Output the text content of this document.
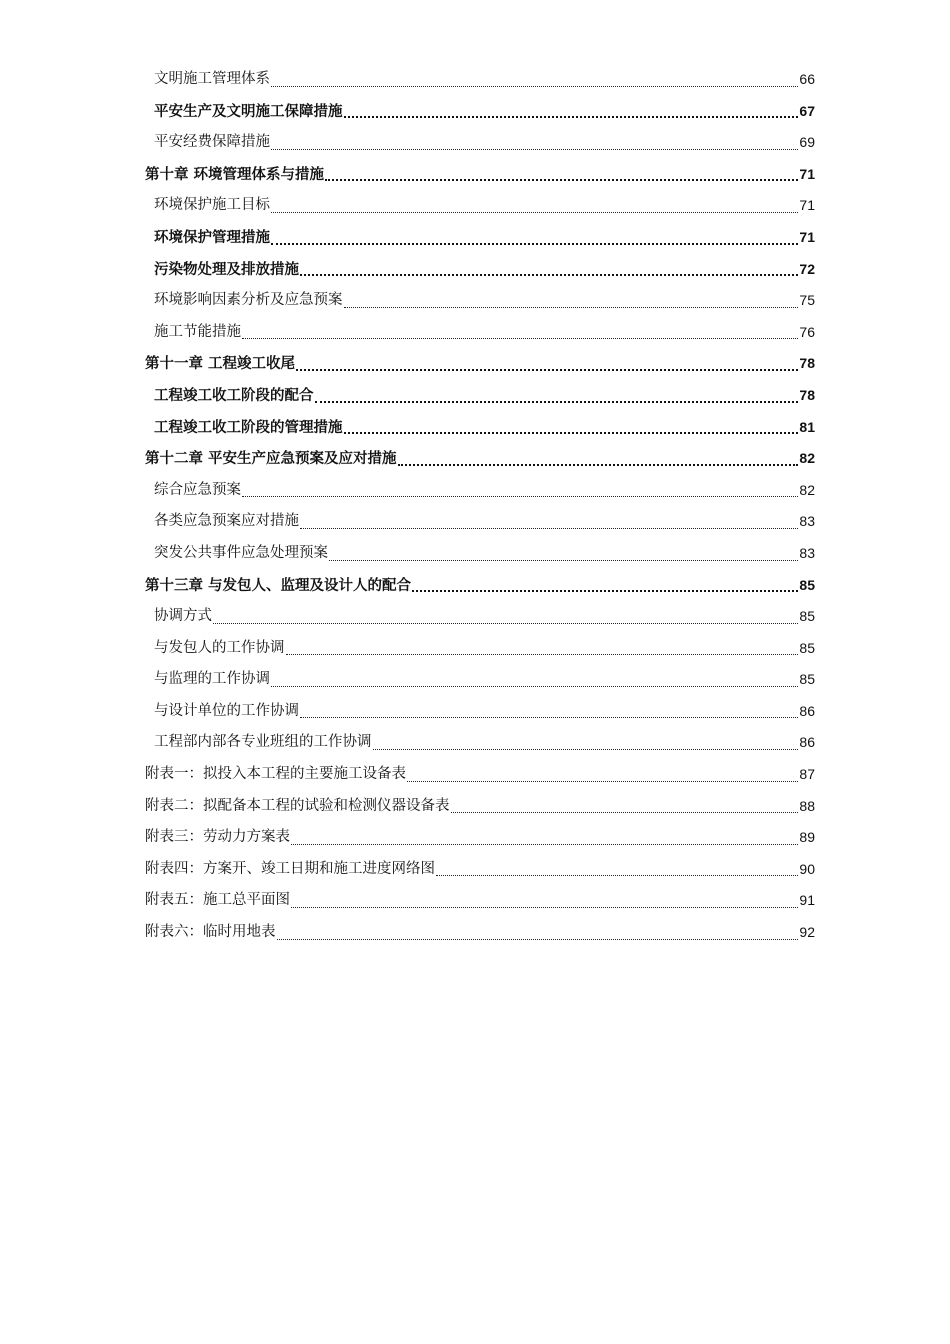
文明施工管理体系	66
平安生产及文明施工保障措施	67
平安经费保障措施	69
第十章 环境管理体系与措施	71
环境保护施工目标	71
环境保护管理措施	71
污染物处理及排放措施	72
环境影响因素分析及应急预案	75
施工节能措施	76
第十一章 工程竣工收尾	78
工程竣工收工阶段的配合	78
工程竣工收工阶段的管理措施	81
第十二章 平安生产应急预案及应对措施	82
综合应急预案	82
各类应急预案应对措施	83
突发公共事件应急处理预案	83
第十三章 与发包人、监理及设计人的配合	85
协调方式	85
与发包人的工作协调	85
与监理的工作协调	85
与设计单位的工作协调	86
工程部内部各专业班组的工作协调	86
附表一：拟投入本工程的主要施工设备表	87
附表二：拟配备本工程的试验和检测仪器设备表	88
附表三：劳动力方案表	89
附表四：方案开、竣工日期和施工进度网络图	90
附表五：施工总平面图	91
附表六：临时用地表	92
